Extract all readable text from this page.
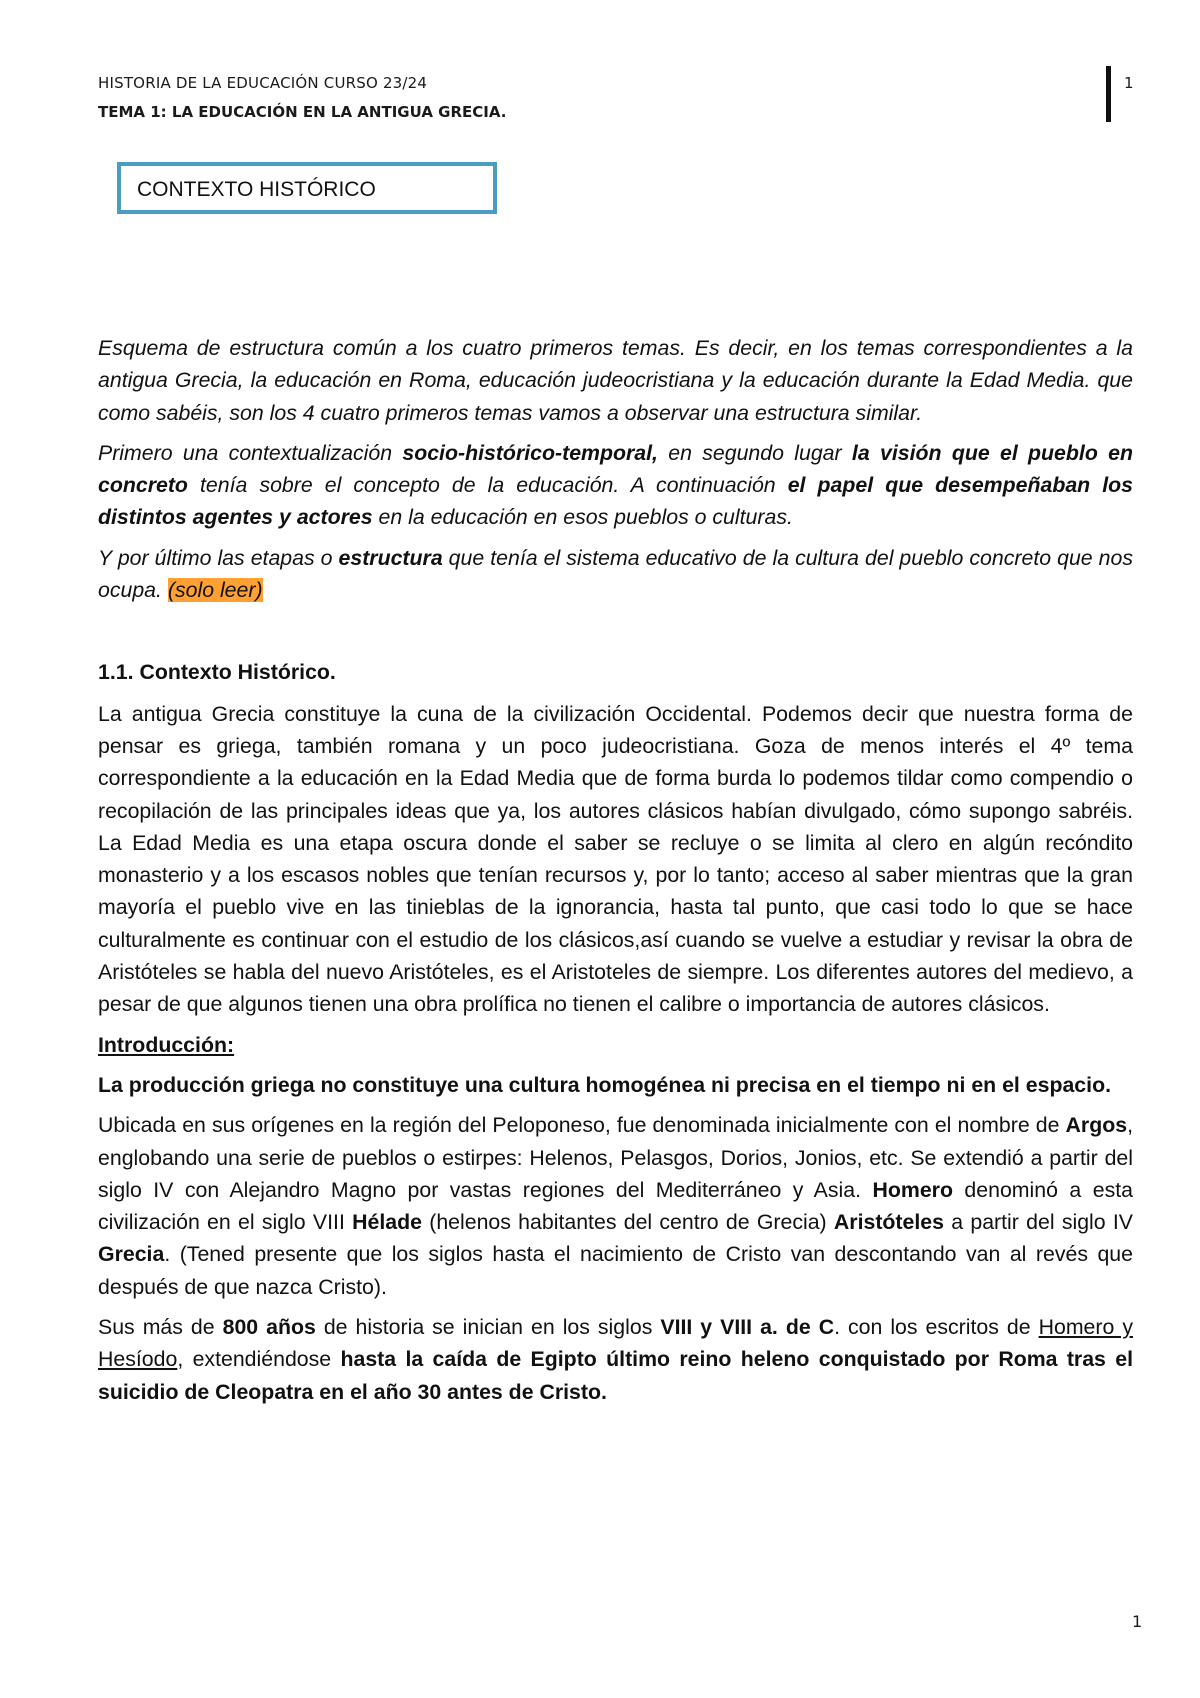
HISTORIA DE LA EDUCACIÓN CURSO 23/24
TEMA 1: LA EDUCACIÓN EN LA ANTIGUA GRECIA.
1
CONTEXTO HISTÓRICO

Esquema de estructura común a los cuatro primeros temas. Es decir, en los temas correspondientes a la antigua Grecia, la educación en Roma, educación judeocristiana y la educación durante la Edad Media. que como sabéis, son los 4 cuatro primeros temas vamos a observar una estructura similar.

Primero una contextualización socio-histórico-temporal, en segundo lugar la visión que el pueblo en concreto tenía sobre el concepto de la educación. A continuación el papel que desempeñaban los distintos agentes y actores en la educación en esos pueblos o culturas.

Y por último las etapas o estructura que tenía el sistema educativo de la cultura del pueblo concreto que nos ocupa. (solo leer)

1.1. Contexto Histórico.

La antigua Grecia constituye la cuna de la civilización Occidental. Podemos decir que nuestra forma de pensar es griega, también romana y un poco judeocristiana. Goza de menos interés el 4º tema correspondiente a la educación en la Edad Media que de forma burda lo podemos tildar como compendio o recopilación de las principales ideas que ya, los autores clásicos habían divulgado, cómo supongo sabréis. La Edad Media es una etapa oscura donde el saber se recluye o se limita al clero en algún recóndito monasterio y a los escasos nobles que tenían recursos y, por lo tanto; acceso al saber mientras que la gran mayoría el pueblo vive en las tinieblas de la ignorancia, hasta tal punto, que casi todo lo que se hace culturalmente es continuar con el estudio de los clásicos,así cuando se vuelve a estudiar y revisar la obra de Aristóteles se habla del nuevo Aristóteles, es el Aristoteles de siempre. Los diferentes autores del medievo, a pesar de que algunos tienen una obra prolífica no tienen el calibre o importancia de autores clásicos.

Introducción:

La producción griega no constituye una cultura homogénea ni precisa en el tiempo ni en el espacio.

Ubicada en sus orígenes en la región del Peloponeso, fue denominada inicialmente con el nombre de Argos, englobando una serie de pueblos o estirpes: Helenos, Pelasgos, Dorios, Jonios, etc. Se extendió a partir del siglo IV con Alejandro Magno por vastas regiones del Mediterráneo y Asia. Homero denominó a esta civilización en el siglo VIII Hélade (helenos habitantes del centro de Grecia) Aristóteles a partir del siglo IV Grecia. (Tened presente que los siglos hasta el nacimiento de Cristo van descontando van al revés que después de que nazca Cristo).

Sus más de 800 años de historia se inician en los siglos VIII y VIII a. de C. con los escritos de Homero y Hesíodo, extendiéndose hasta la caída de Egipto último reino heleno conquistado por Roma tras el suicidio de Cleopatra en el año 30 antes de Cristo.

1
